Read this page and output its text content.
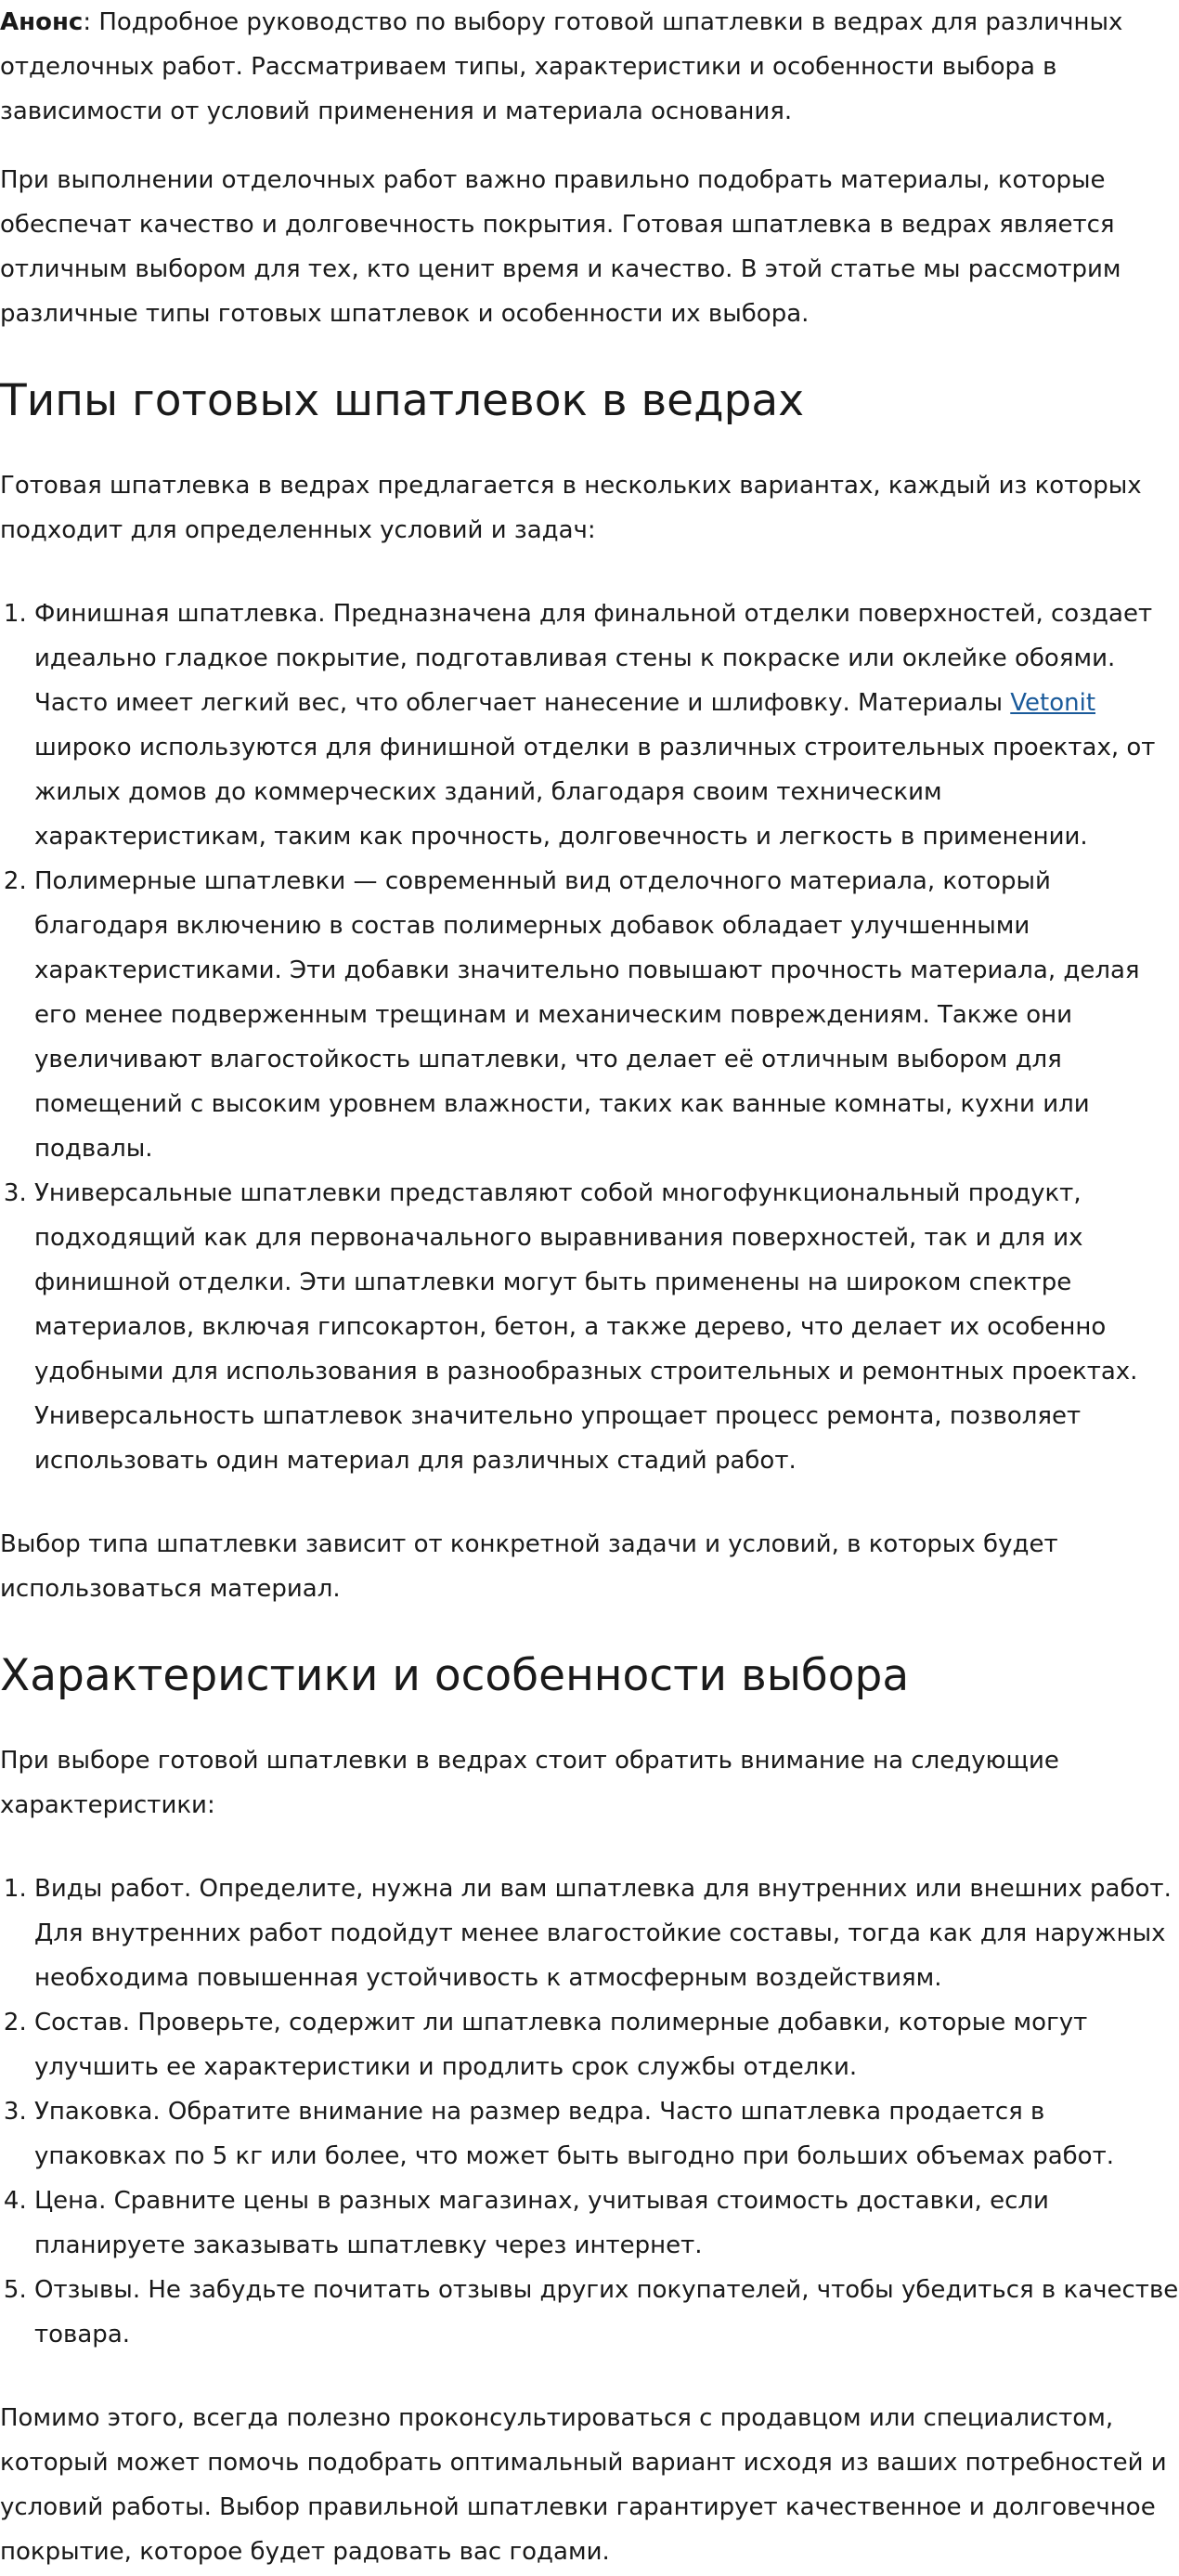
Анонс: Подробное руководство по выбору готовой шпатлевки в ведрах для различных отделочных работ. Рассматриваем типы, характеристики и особенности выбора в зависимости от условий применения и материала основания.

При выполнении отделочных работ важно правильно подобрать материалы, которые обеспечат качество и долговечность покрытия. Готовая шпатлевка в ведрах является отличным выбором для тех, кто ценит время и качество. В этой статье мы рассмотрим различные типы готовых шпатлевок и особенности их выбора.

Типы готовых шпатлевок в ведрах

Готовая шпатлевка в ведрах предлагается в нескольких вариантах, каждый из которых подходит для определенных условий и задач:

1. Финишная шпатлевка. Предназначена для финальной отделки поверхностей, создает идеально гладкое покрытие, подготавливая стены к покраске или оклейке обоями. Часто имеет легкий вес, что облегчает нанесение и шлифовку. Материалы Vetonit широко используются для финишной отделки в различных строительных проектах, от жилых домов до коммерческих зданий, благодаря своим техническим характеристикам, таким как прочность, долговечность и легкость в применении.
2. Полимерные шпатлевки — современный вид отделочного материала, который благодаря включению в состав полимерных добавок обладает улучшенными характеристиками. Эти добавки значительно повышают прочность материала, делая его менее подверженным трещинам и механическим повреждениям. Также они увеличивают влагостойкость шпатлевки, что делает её отличным выбором для помещений с высоким уровнем влажности, таких как ванные комнаты, кухни или подвалы.
3. Универсальные шпатлевки представляют собой многофункциональный продукт, подходящий как для первоначального выравнивания поверхностей, так и для их финишной отделки. Эти шпатлевки могут быть применены на широком спектре материалов, включая гипсокартон, бетон, а также дерево, что делает их особенно удобными для использования в разнообразных строительных и ремонтных проектах. Универсальность шпатлевок значительно упрощает процесс ремонта, позволяет использовать один материал для различных стадий работ.

Выбор типа шпатлевки зависит от конкретной задачи и условий, в которых будет использоваться материал.

Характеристики и особенности выбора

При выборе готовой шпатлевки в ведрах стоит обратить внимание на следующие характеристики:

1. Виды работ. Определите, нужна ли вам шпатлевка для внутренних или внешних работ. Для внутренних работ подойдут менее влагостойкие составы, тогда как для наружных необходима повышенная устойчивость к атмосферным воздействиям.
2. Состав. Проверьте, содержит ли шпатлевка полимерные добавки, которые могут улучшить ее характеристики и продлить срок службы отделки.
3. Упаковка. Обратите внимание на размер ведра. Часто шпатлевка продается в упаковках по 5 кг или более, что может быть выгодно при больших объемах работ.
4. Цена. Сравните цены в разных магазинах, учитывая стоимость доставки, если планируете заказывать шпатлевку через интернет.
5. Отзывы. Не забудьте почитать отзывы других покупателей, чтобы убедиться в качестве товара.

Помимо этого, всегда полезно проконсультироваться с продавцом или специалистом, который может помочь подобрать оптимальный вариант исходя из ваших потребностей и условий работы. Выбор правильной шпатлевки гарантирует качественное и долговечное покрытие, которое будет радовать вас годами.
